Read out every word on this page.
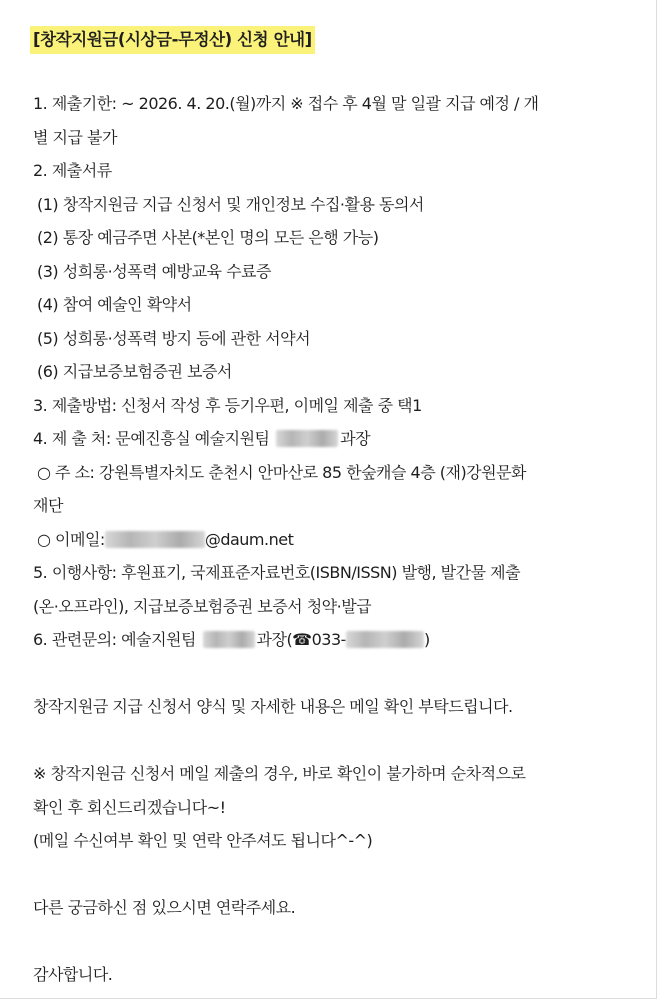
[창작지원금(시상금-무정산) 신청 안내]
1. 제출기한: ~ 2026. 4. 20.(월)까지 ※ 접수 후 4월 말 일괄 지급 예정 / 개
별 지급 불가
2. 제출서류
(1) 창작지원금 지급 신청서 및 개인정보 수집·활용 동의서
(2) 통장 예금주면 사본(*본인 명의 모든 은행 가능)
(3) 성희롱·성폭력 예방교육 수료증
(4) 참여 예술인 확약서
(5) 성희롱·성폭력 방지 등에 관한 서약서
(6) 지급보증보험증권 보증서
3. 제출방법: 신청서 작성 후 등기우편, 이메일 제출 중 택1
4. 제 출 처: 문예진흥실 예술지원팀	과장
○ 주 소: 강원특별자치도 춘천시 안마산로 85 한숲캐슬 4층 (재)강원문화
재단
○ 이메일:	@daum.net
5. 이행사항: 후원표기, 국제표준자료번호(ISBN/ISSN) 발행, 발간물 제출
(온·오프라인), 지급보증보험증권 보증서 청약·발급
6. 관련문의: 예술지원팀	과장(☎033-	)
창작지원금 지급 신청서 양식 및 자세한 내용은 메일 확인 부탁드립니다.
※ 창작지원금 신청서 메일 제출의 경우, 바로 확인이 불가하며 순차적으로
확인 후 회신드리겠습니다~!
(메일 수신여부 확인 및 연락 안주셔도 됩니다^-^)
다른 궁금하신 점 있으시면 연락주세요.
감사합니다.
